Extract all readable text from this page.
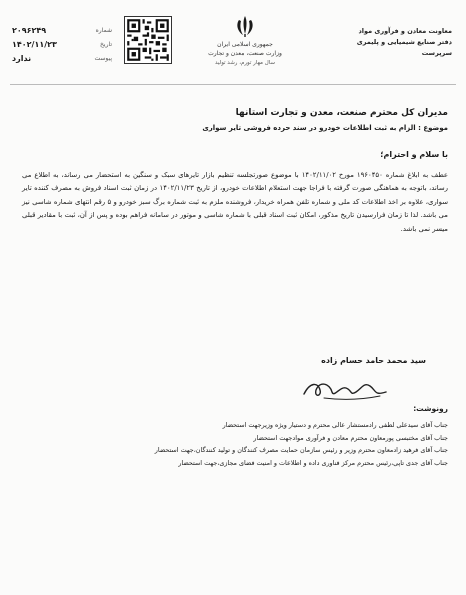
شماره
۲۰۹۶۲۴۹
تاریخ
۱۴۰۲/۱۱/۲۳
پیوست
ندارد
جمهوری اسلامی ایران
وزارت صنعت، معدن و تجارت
سال مهار تورم، رشد تولید
معاونت معادن و فرآوری مواد
دفتر صنایع شیمیایی و پلیمری
سرپرست
مدیران کل محترم صنعت، معدن و تجارت استانها
موضوع : الزام به ثبت اطلاعات خودرو در سند حرده فروشی تایر سواری
با سلام و احترام؛
عطف به ابلاغ شماره ۱۹۶۰۴۵۰ مورخ ۱۴۰۲/۱۱/۰۲ با موضوع صورتجلسه تنظیم بازار تایرهای سبک و سنگین به استحضار می رساند، به اطلاع می رساند، باتوجه به هماهنگی صورت گرفته با فراجا جهت استعلام اطلاعات خودرو، از تاریخ ۱۴۰۲/۱۱/۲۳ در زمان ثبت اسناد فروش به مصرف کننده تایر سواری، علاوه بر اخذ اطلاعات کد ملی و شماره تلفن همراه خریدار، فروشنده ملزم به ثبت شماره برگ سبز خودرو و ۵ رقم انتهای شماره شاسی نیز می باشد. لذا تا زمان فرارسیدن تاریخ مذکور، امکان ثبت اسناد قبلی با شماره شاسی و موتور در سامانه فراهم بوده و پس از آن، ثبت با مقادیر قبلی میسر نمی باشد.
سید محمد حامد حسام زاده
رونوشت:
جناب آقای سیدعلی لطفی رادمستشار عالی محترم و دستیار ویژه وزیرجهت استحضار
جناب آقای مختبسی پورمعاون محترم معادن و فرآوری موادجهت استحضار
جناب آقای فرهید زادمعاون محترم وزیر و رئیس سازمان حمایت مصرف کنندگان و تولید کنندگان،جهت استحضار
جناب آقای جدی تاپی،رئیس محترم مرکز فناوری داده و اطلاعات و امنیت فضای مجازی،جهت استحضار
